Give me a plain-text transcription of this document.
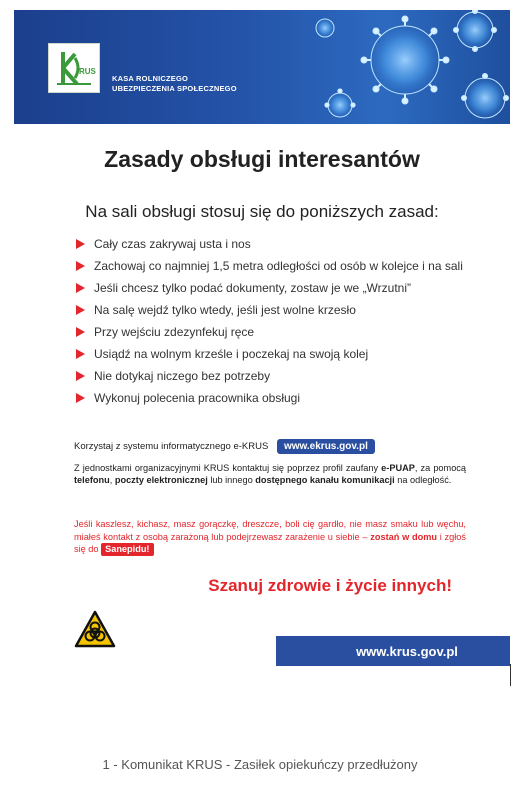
RUS
KASA ROLNICZEGO
UBEZPIECZENIA SPOŁECZNEGO
Zasady obsługi interesantów
Na sali obsługi stosuj się do poniższych zasad:
Cały czas zakrywaj usta i nos
Zachowaj co najmniej 1,5 metra odległości od osób w kolejce i na sali
Jeśli chcesz tylko podać dokumenty, zostaw je we „Wrzutni”
Na salę wejdź tylko wtedy, jeśli jest wolne krzesło
Przy wejściu zdezynfekuj ręce
Usiądź na wolnym krześle i poczekaj na swoją kolej
Nie dotykaj niczego bez potrzeby
Wykonuj polecenia pracownika obsługi
Korzystaj z systemu informatycznego e-KRUS www.ekrus.gov.pl
Z jednostkami organizacyjnymi KRUS kontaktuj się poprzez profil zaufany e-PUAP, za pomocą telefonu, poczty elektronicznej lub innego dostępnego kanału komunikacji na odległość.
Jeśli kaszlesz, kichasz, masz gorączkę, dreszcze, boli cię gardło, nie masz smaku lub węchu, miałeś kontakt z osobą zarażoną lub podejrzewasz zarażenie u siebie – zostań w domu i zgłoś się do Sanepidu!
Szanuj zdrowie i życie innych!
www.krus.gov.pl
1 - Komunikat KRUS - Zasiłek opiekuńczy przedłużony
